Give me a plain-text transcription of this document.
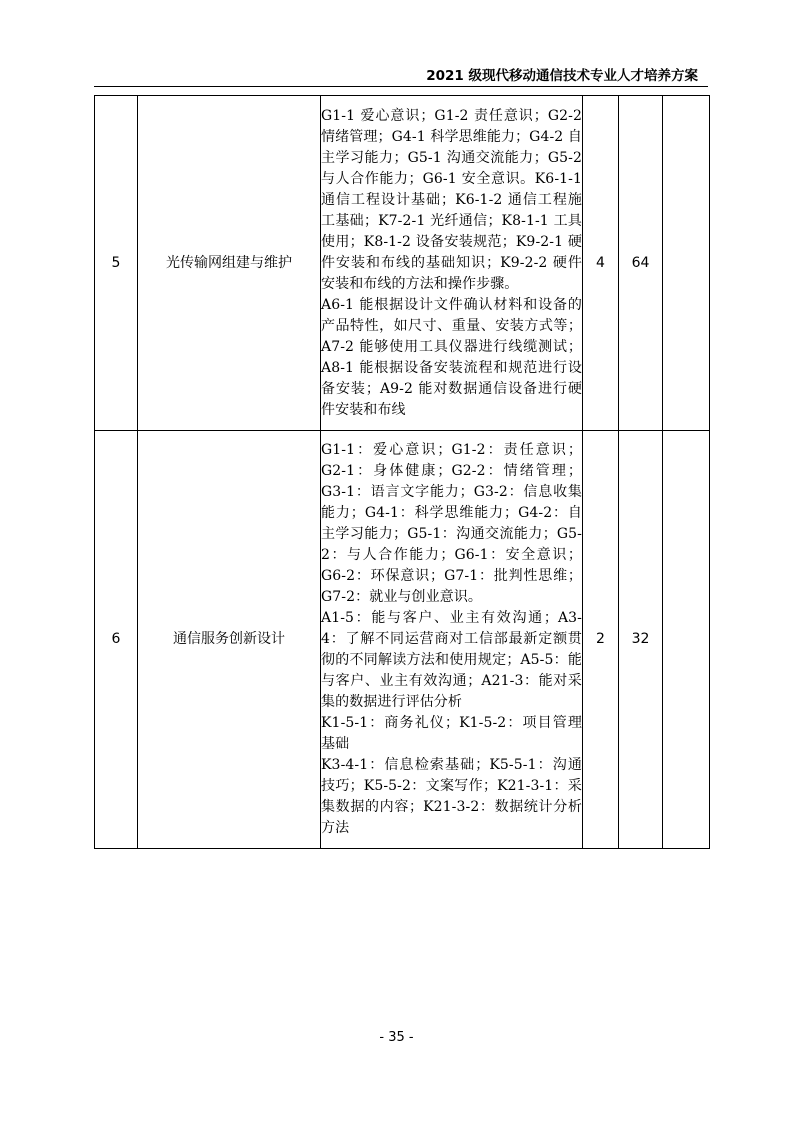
2021 级现代移动通信技术专业人才培养方案
5	光传输网组建与维护	G1-1 爱心意识；G1-2 责任意识；G2-2 情绪管理；G4-1 科学思维能力；G4-2 自主学习能力；G5-1 沟通交流能力；G5-2 与人合作能力；G6-1 安全意识。K6-1-1 通信工程设计基础；K6-1-2 通信工程施工基础；K7-2-1 光纤通信；K8-1-1 工具使用；K8-1-2 设备安装规范；K9-2-1 硬件安装和布线的基础知识；K9-2-2 硬件安装和布线的方法和操作步骤。

A6-1 能根据设计文件确认材料和设备的产品特性，如尺寸、重量、安装方式等；A7-2 能够使用工具仪器进行线缆测试；A8-1 能根据设备安装流程和规范进行设备安装；A9-2 能对数据通信设备进行硬件安装和布线	4	64	
6	通信服务创新设计	G1-1：爱心意识；G1-2：责任意识；G2-1：身体健康；G2-2：情绪管理；G3-1：语言文字能力；G3-2：信息收集能力；G4-1：科学思维能力；G4-2：自主学习能力；G5-1：沟通交流能力；G5-2：与人合作能力；G6-1：安全意识；G6-2：环保意识；G7-1：批判性思维；G7-2：就业与创业意识。

A1-5：能与客户、业主有效沟通；A3-4：了解不同运营商对工信部最新定额贯彻的不同解读方法和使用规定；A5-5：能与客户、业主有效沟通；A21-3：能对采集的数据进行评估分析

K1-5-1：商务礼仪；K1-5-2：项目管理基础

K3-4-1：信息检索基础；K5-5-1：沟通技巧；K5-5-2：文案写作；K21-3-1：采集数据的内容；K21-3-2：数据统计分析方法	2	32	
- 35 -
